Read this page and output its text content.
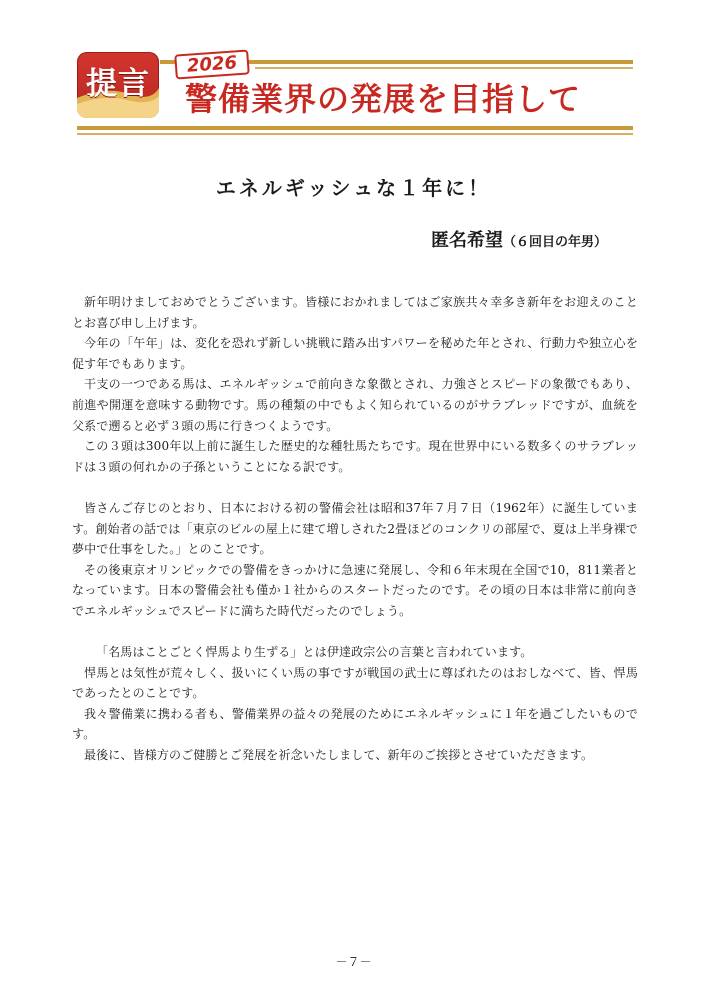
提言
2026
警備業界の発展を目指して
エネルギッシュな１年に！
匿名希望（６回目の年男）

新年明けましておめでとうございます。皆様におかれましてはご家族共々幸多き新年をお迎えのこととお喜び申し上げます。

今年の「午年」は、変化を恐れず新しい挑戦に踏み出すパワーを秘めた年とされ、行動力や独立心を促す年でもあります。

干支の一つである馬は、エネルギッシュで前向きな象徴とされ、力強さとスピードの象徴でもあり、前進や開運を意味する動物です。馬の種類の中でもよく知られているのがサラブレッドですが、血統を父系で遡ると必ず３頭の馬に行きつくようです。

この３頭は300年以上前に誕生した歴史的な種牡馬たちです。現在世界中にいる数多くのサラブレッドは３頭の何れかの子孫ということになる訳です。

皆さんご存じのとおり、日本における初の警備会社は昭和37年７月７日（1962年）に誕生しています。創始者の話では「東京のビルの屋上に建て増しされた2畳ほどのコンクリの部屋で、夏は上半身裸で夢中で仕事をした。」とのことです。

その後東京オリンピックでの警備をきっかけに急速に発展し、令和６年末現在全国で10，811業者となっています。日本の警備会社も僅か１社からのスタートだったのです。その頃の日本は非常に前向きでエネルギッシュでスピードに満ちた時代だったのでしょう。

「名馬はことごとく悍馬より生ずる」とは伊達政宗公の言葉と言われています。

悍馬とは気性が荒々しく、扱いにくい馬の事ですが戦国の武士に尊ばれたのはおしなべて、皆、悍馬であったとのことです。

我々警備業に携わる者も、警備業界の益々の発展のためにエネルギッシュに１年を過ごしたいものです。

最後に、皆様方のご健勝とご発展を祈念いたしまして、新年のご挨拶とさせていただきます。

－７－
